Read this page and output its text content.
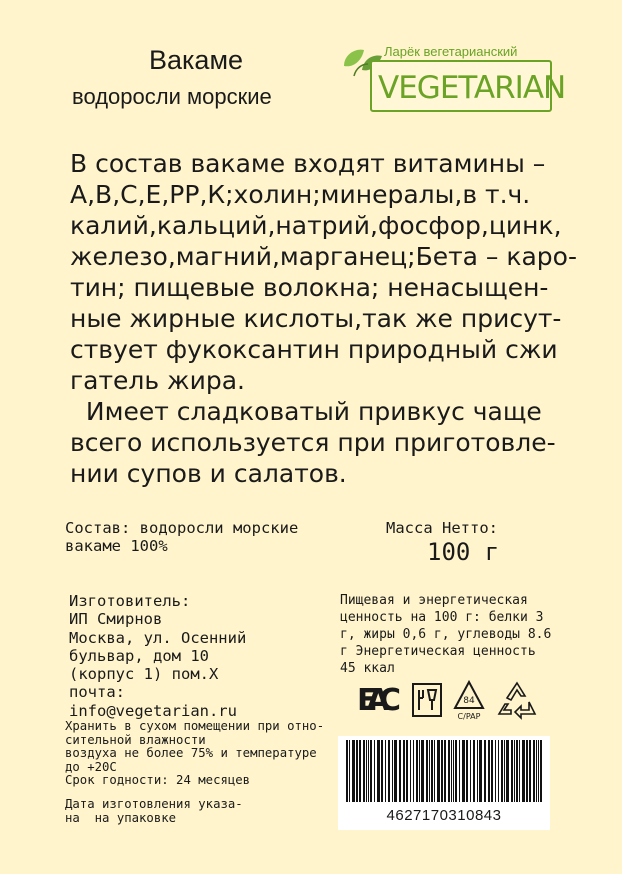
Вакаме
водоросли морские
Ларёк вегетарианский
VEGETARIAN
В состав вакаме входят витамины –
А,В,С,Е,РР,К;холин;минералы,в т.ч.
калий,кальций,натрий,фосфор,цинк,
железо,магний,марганец;Бета – каро-
тин; пищевые волокна; ненасыщен-
ные жирные кислоты,так же присут-
ствует фукоксантин природный сжи
гатель жира.
Имеет сладковатый привкус чаще
всего используется при приготовле-
нии супов и салатов.
Состав: водоросли морские
вакаме 100%
Масса Нетто:
100 г
Изготовитель:
ИП Смирнов
Москва, ул. Осенний
бульвар, дом 10
(корпус 1) пом.Х
почта:
info@vegetarian.ru
Пищевая и энергетическая
ценность на 100 г: белки 3
г, жиры 0,6 г, углеводы 8.6
г Энергетическая ценность
45 ккал
EAC	84
C/PAP
Хранить в сухом помещении при отно-
сительной влажности
воздуха не более 75% и температуре
до +20С
Срок годности: 24 месяцев
Дата изготовления указа-
на  на упаковке	4627170310843
